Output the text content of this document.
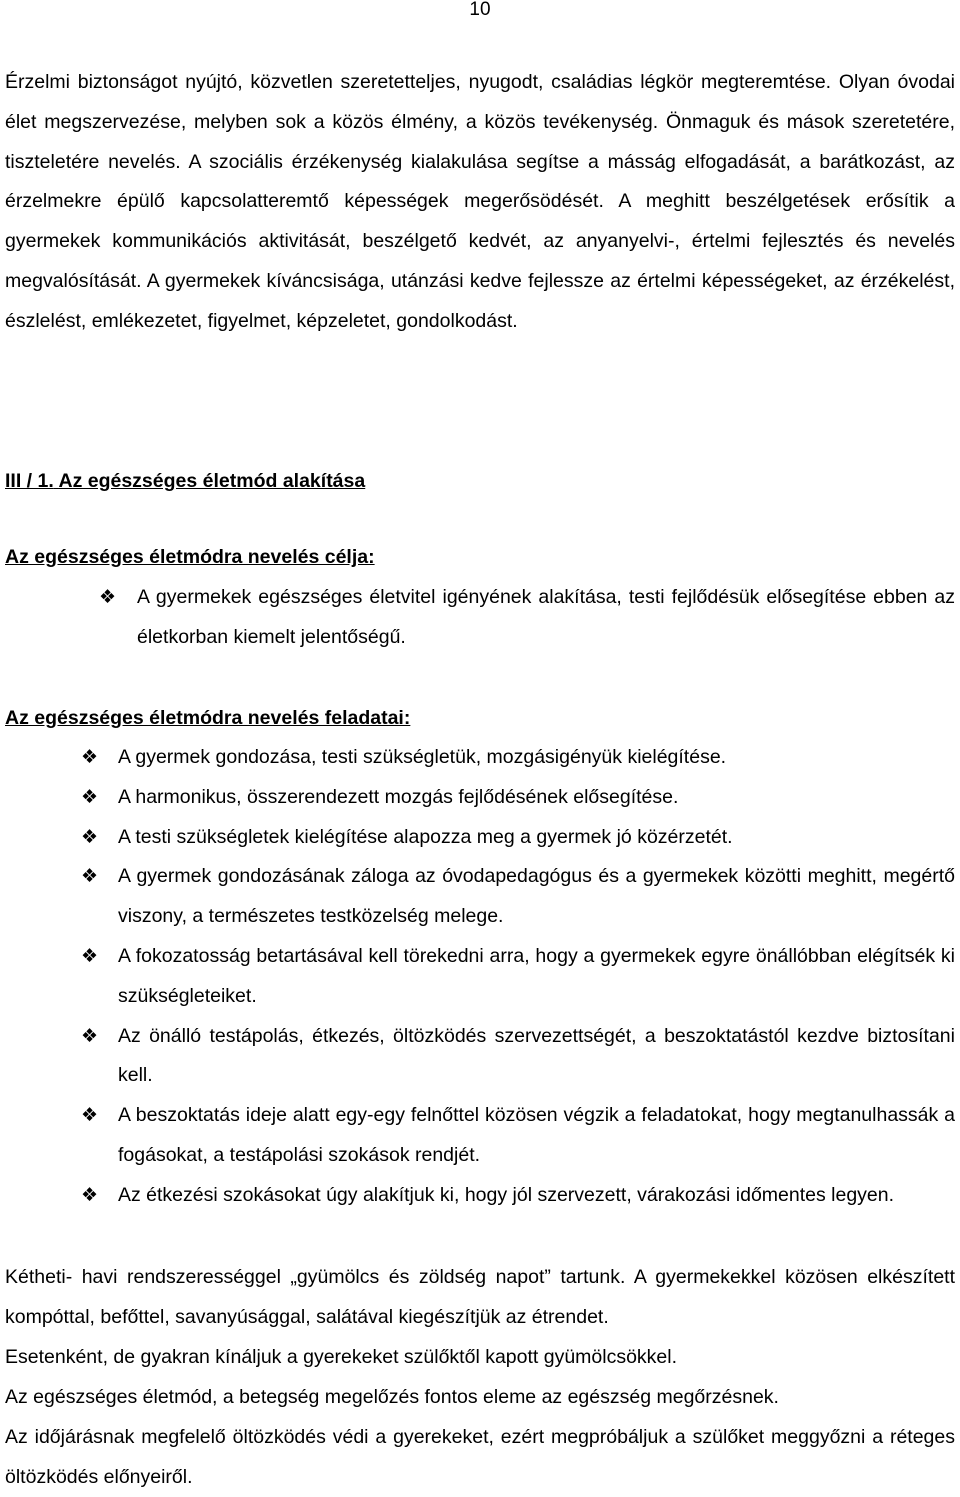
10

Érzelmi biztonságot nyújtó, közvetlen szeretetteljes, nyugodt, családias légkör megteremtése. Olyan óvodai élet megszervezése, melyben sok a közös élmény, a közös tevékenység. Önmaguk és mások szeretetére, tiszteletére nevelés. A szociális érzékenység kialakulása segítse a másság elfogadását, a barátkozást, az érzelmekre épülő kapcsolatteremtő képességek megerősödését. A meghitt beszélgetések erősítik a gyermekek kommunikációs aktivitását, beszélgető kedvét, az anyanyelvi-, értelmi fejlesztés és nevelés megvalósítását. A gyermekek kíváncsisága, utánzási kedve fejlessze az értelmi képességeket, az érzékelést, észlelést, emlékezetet, figyelmet, képzeletet, gondolkodást.

III / 1. Az egészséges életmód alakítása
Az egészséges életmódra nevelés célja:
❖ A gyermekek egészséges életvitel igényének alakítása, testi fejlődésük elősegítése ebben az életkorban kiemelt jelentőségű.
Az egészséges életmódra nevelés feladatai:
❖ A gyermek gondozása, testi szükségletük, mozgásigényük kielégítése.
❖ A harmonikus, összerendezett mozgás fejlődésének elősegítése.
❖ A testi szükségletek kielégítése alapozza meg a gyermek jó közérzetét.
❖ A gyermek gondozásának záloga az óvodapedagógus és a gyermekek közötti meghitt, megértő viszony, a természetes testközelség melege.
❖ A fokozatosság betartásával kell törekedni arra, hogy a gyermekek egyre önállóbban elégítsék ki szükségleteiket.
❖ Az önálló testápolás, étkezés, öltözködés szervezettségét, a beszoktatástól kezdve biztosítani kell.
❖ A beszoktatás ideje alatt egy-egy felnőttel közösen végzik a feladatokat, hogy megtanulhassák a fogásokat, a testápolási szokások rendjét.
❖ Az étkezési szokásokat úgy alakítjuk ki, hogy jól szervezett, várakozási időmentes legyen.

Kétheti- havi rendszerességgel „gyümölcs és zöldség napot” tartunk. A gyermekekkel közösen elkészített kompóttal, befőttel, savanyúsággal, salátával kiegészítjük az étrendet.

Esetenként, de gyakran kínáljuk a gyerekeket szülőktől kapott gyümölcsökkel.

Az egészséges életmód, a betegség megelőzés fontos eleme az egészség megőrzésnek.

Az időjárásnak megfelelő öltözködés védi a gyerekeket, ezért megpróbáljuk a szülőket meggyőzni a réteges öltözködés előnyeiről.
